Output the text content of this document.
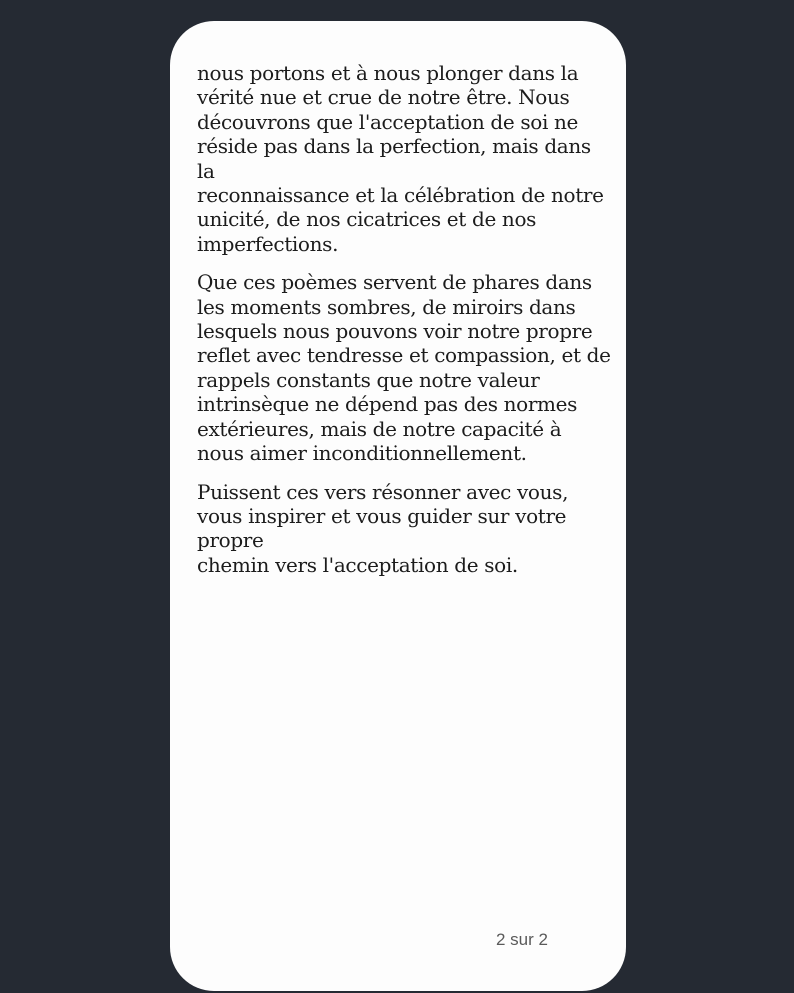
nous portons et à nous plonger dans la
vérité nue et crue de notre être. Nous
découvrons que l'acceptation de soi ne
réside pas dans la perfection, mais dans
la
reconnaissance et la célébration de notre
unicité, de nos cicatrices et de nos
imperfections.

Que ces poèmes servent de phares dans
les moments sombres, de miroirs dans
lesquels nous pouvons voir notre propre
reflet avec tendresse et compassion, et de
rappels constants que notre valeur
intrinsèque ne dépend pas des normes
extérieures, mais de notre capacité à
nous aimer inconditionnellement.

Puissent ces vers résonner avec vous,
vous inspirer et vous guider sur votre
propre
chemin vers l'acceptation de soi.

2 sur 2
